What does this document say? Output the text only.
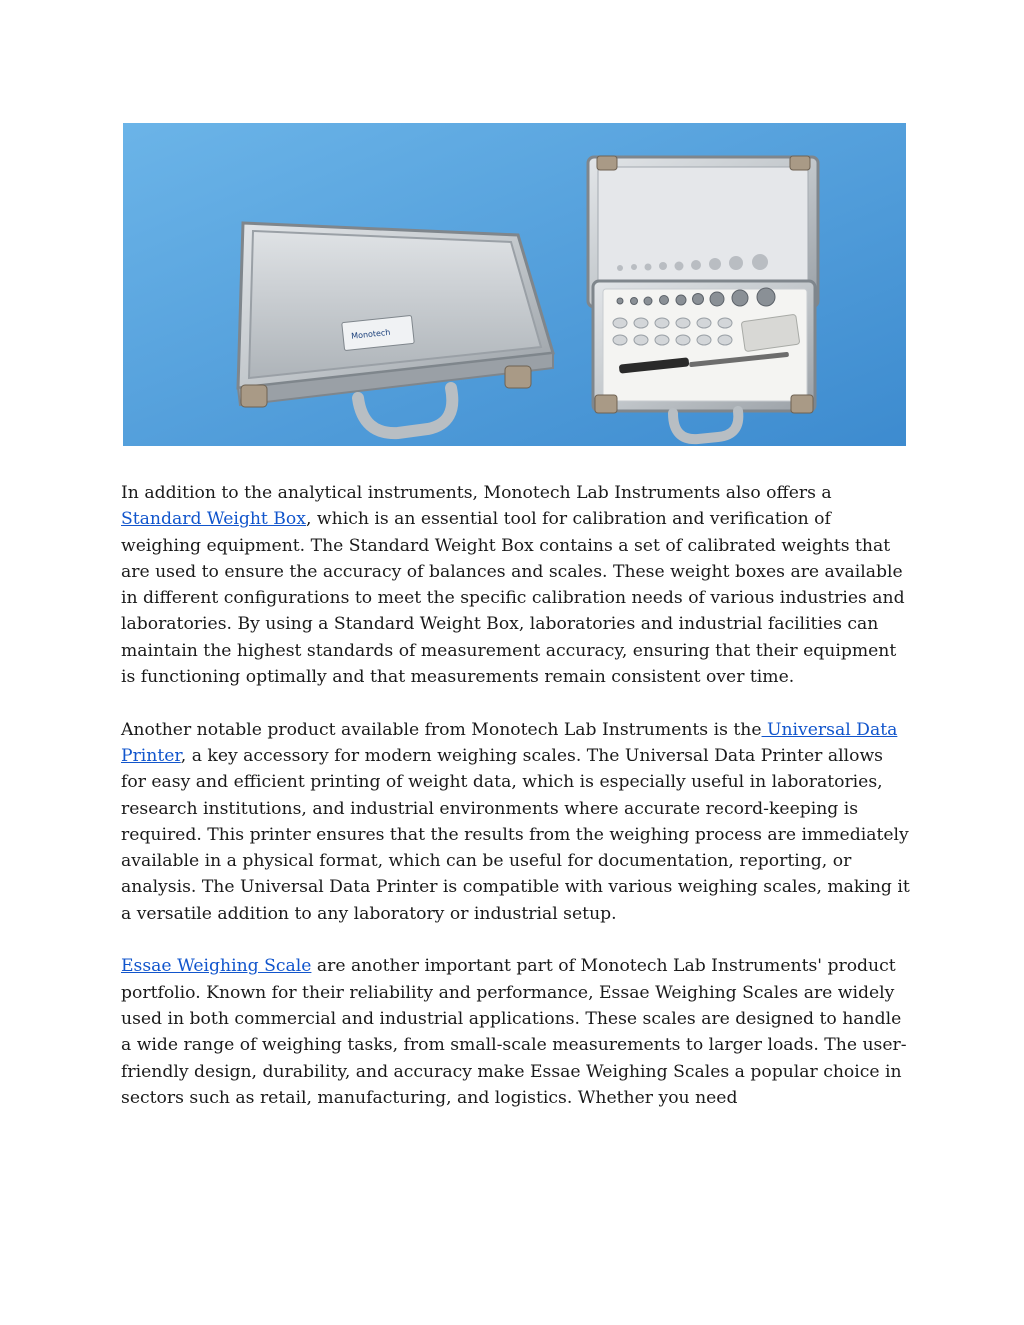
Monotech

In addition to the analytical instruments, Monotech Lab Instruments also offers a Standard Weight Box, which is an essential tool for calibration and verification of weighing equipment. The Standard Weight Box contains a set of calibrated weights that are used to ensure the accuracy of balances and scales. These weight boxes are available in different configurations to meet the specific calibration needs of various industries and laboratories. By using a Standard Weight Box, laboratories and industrial facilities can maintain the highest standards of measurement accuracy, ensuring that their equipment is functioning optimally and that measurements remain consistent over time.

Another notable product available from Monotech Lab Instruments is the Universal Data Printer, a key accessory for modern weighing scales. The Universal Data Printer allows for easy and efficient printing of weight data, which is especially useful in laboratories, research institutions, and industrial environments where accurate record-keeping is required. This printer ensures that the results from the weighing process are immediately available in a physical format, which can be useful for documentation, reporting, or analysis. The Universal Data Printer is compatible with various weighing scales, making it a versatile addition to any laboratory or industrial setup.

Essae Weighing Scale are another important part of Monotech Lab Instruments' product portfolio. Known for their reliability and performance, Essae Weighing Scales are widely used in both commercial and industrial applications. These scales are designed to handle a wide range of weighing tasks, from small-scale measurements to larger loads. The user-friendly design, durability, and accuracy make Essae Weighing Scales a popular choice in sectors such as retail, manufacturing, and logistics. Whether you need
